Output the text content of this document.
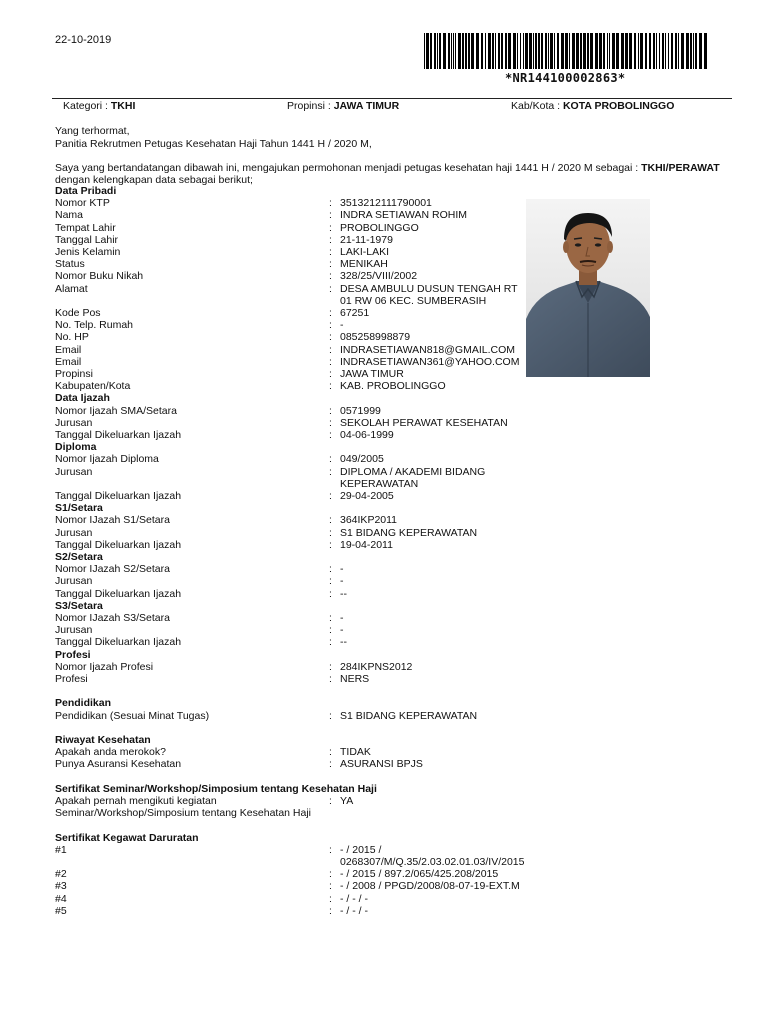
22-10-2019
*NR144100002863*
Kategori : TKHI	Propinsi : JAWA TIMUR	Kab/Kota : KOTA PROBOLINGGO
Yang terhormat,
Panitia Rekrutmen Petugas Kesehatan Haji Tahun 1441 H / 2020 M,
Saya yang bertandatangan dibawah ini, mengajukan permohonan menjadi petugas kesehatan haji 1441 H / 2020 M sebagai : TKHI/PERAWAT
dengan kelengkapan data sebagai berikut;
Data Pribadi
Nomor KTP	: 3513212111790001
Nama	: INDRA SETIAWAN ROHIM
Tempat Lahir	: PROBOLINGGO
Tanggal Lahir	: 21-11-1979
Jenis Kelamin	: LAKI-LAKI
Status	: MENIKAH
Nomor Buku Nikah	: 328/25/VIII/2002
Alamat	: DESA AMBULU DUSUN TENGAH RT
01 RW 06 KEC. SUMBERASIH
Kode Pos	: 67251
No. Telp. Rumah	: -
No. HP	: 085258998879
Email	: INDRASETIAWAN818@GMAIL.COM
Email	: INDRASETIAWAN361@YAHOO.COM
Propinsi	: JAWA TIMUR
Kabupaten/Kota	: KAB. PROBOLINGGO
Data Ijazah
Nomor Ijazah SMA/Setara	: 0571999
Jurusan	: SEKOLAH PERAWAT KESEHATAN
Tanggal Dikeluarkan Ijazah	: 04-06-1999
Diploma
Nomor Ijazah Diploma	: 049/2005
Jurusan	: DIPLOMA / AKADEMI BIDANG
KEPERAWATAN
Tanggal Dikeluarkan Ijazah	: 29-04-2005
S1/Setara
Nomor IJazah S1/Setara	: 364IKP2011
Jurusan	: S1 BIDANG KEPERAWATAN
Tanggal Dikeluarkan Ijazah	: 19-04-2011
S2/Setara
Nomor IJazah S2/Setara	: -
Jurusan	: -
Tanggal Dikeluarkan Ijazah	: --
S3/Setara
Nomor IJazah S3/Setara	: -
Jurusan	: -
Tanggal Dikeluarkan Ijazah	: --
Profesi
Nomor Ijazah Profesi	: 284IKPNS2012
Profesi	: NERS
Pendidikan
Pendidikan (Sesuai Minat Tugas)	: S1 BIDANG KEPERAWATAN
Riwayat Kesehatan
Apakah anda merokok?	: TIDAK
Punya Asuransi Kesehatan	: ASURANSI BPJS
Sertifikat Seminar/Workshop/Simposium tentang Kesehatan Haji
Apakah pernah mengikuti kegiatan	: YA
Seminar/Workshop/Simposium tentang Kesehatan Haji
Sertifikat Kegawat Daruratan
#1	: - / 2015 /
0268307/M/Q.35/2.03.02.01.03/IV/2015
#2	: - / 2015 / 897.2/065/425.208/2015
#3	: - / 2008 / PPGD/2008/08-07-19-EXT.M
#4	: - / - / -
#5	: - / - / -
